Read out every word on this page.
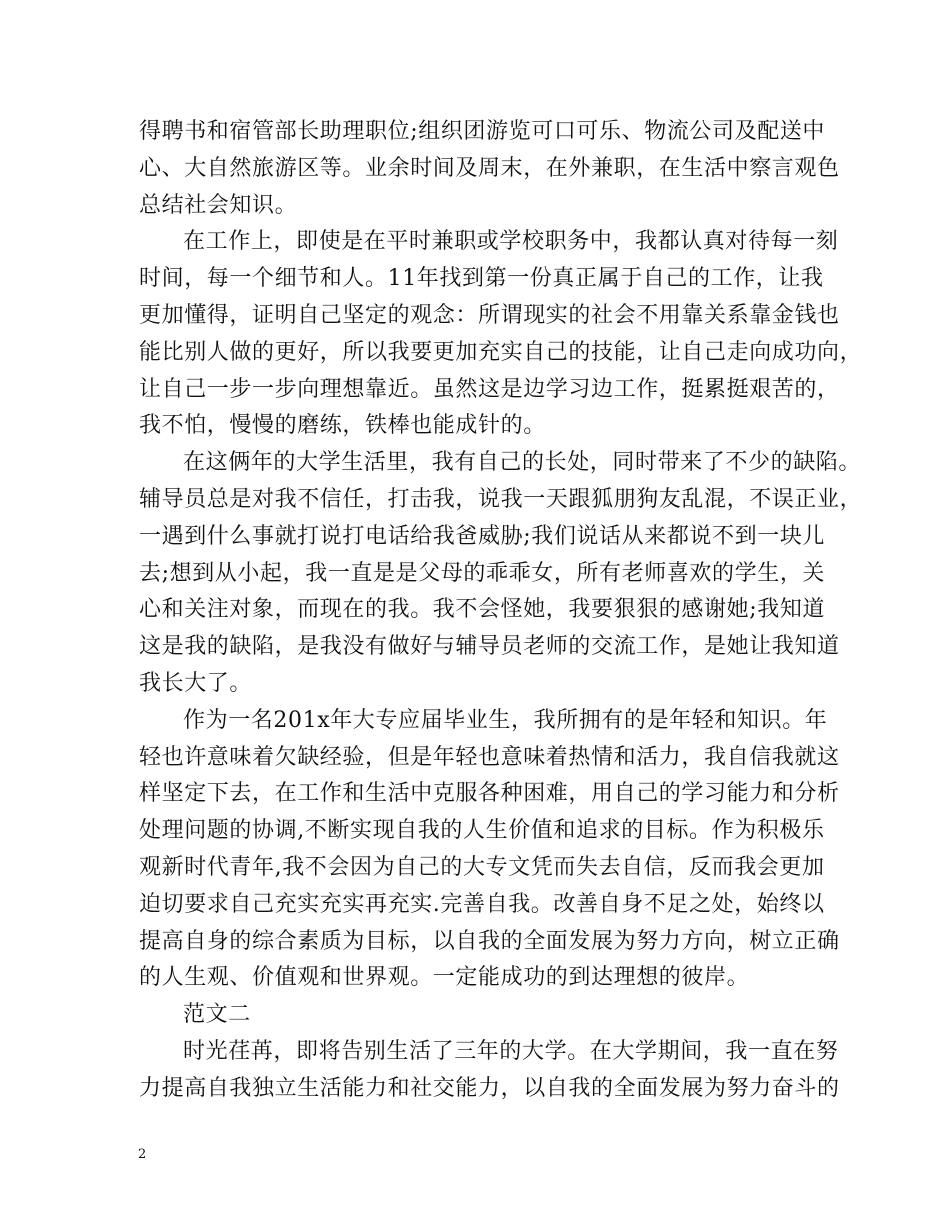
得聘书和宿管部长助理职位;组织团游览可口可乐、物流公司及配送中
心、大自然旅游区等。业余时间及周末，在外兼职，在生活中察言观色
总结社会知识。
在工作上，即使是在平时兼职或学校职务中，我都认真对待每一刻
时间，每一个细节和人。11年找到第一份真正属于自己的工作，让我
更加懂得，证明自己坚定的观念：所谓现实的社会不用靠关系靠金钱也
能比别人做的更好，所以我要更加充实自己的技能，让自己走向成功向，
让自己一步一步向理想靠近。虽然这是边学习边工作，挺累挺艰苦的，
我不怕，慢慢的磨练，铁棒也能成针的。
在这俩年的大学生活里，我有自己的长处，同时带来了不少的缺陷。
辅导员总是对我不信任，打击我，说我一天跟狐朋狗友乱混，不误正业，
一遇到什么事就打说打电话给我爸威胁;我们说话从来都说不到一块儿
去;想到从小起，我一直是是父母的乖乖女，所有老师喜欢的学生，关
心和关注对象，而现在的我。我不会怪她，我要狠狠的感谢她;我知道
这是我的缺陷，是我没有做好与辅导员老师的交流工作，是她让我知道
我长大了。
作为一名201x年大专应届毕业生，我所拥有的是年轻和知识。年
轻也许意味着欠缺经验，但是年轻也意味着热情和活力，我自信我就这
样坚定下去，在工作和生活中克服各种困难，用自己的学习能力和分析
处理问题的协调,不断实现自我的人生价值和追求的目标。作为积极乐
观新时代青年,我不会因为自己的大专文凭而失去自信，反而我会更加
迫切要求自己充实充实再充实.完善自我。改善自身不足之处，始终以
提高自身的综合素质为目标，以自我的全面发展为努力方向，树立正确
的人生观、价值观和世界观。一定能成功的到达理想的彼岸。
范文二
时光荏苒，即将告别生活了三年的大学。在大学期间，我一直在努
力提高自我独立生活能力和社交能力，以自我的全面发展为努力奋斗的
2
